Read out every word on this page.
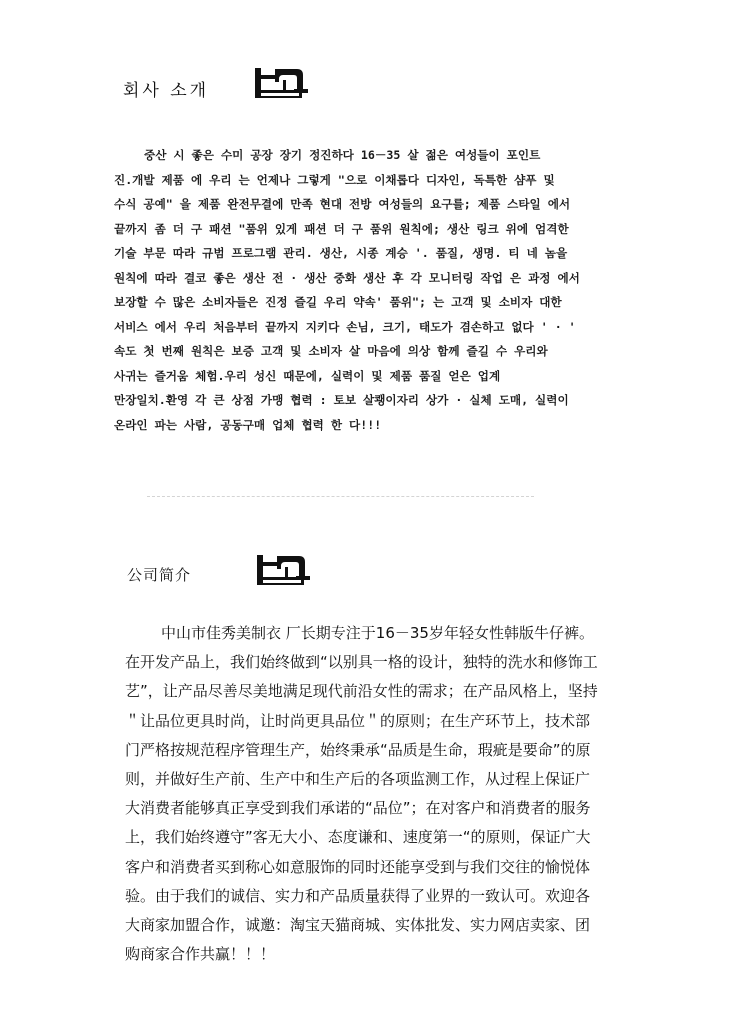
회사 소개
중산 시 좋은 수미 공장 장기 정진하다 16－35 살 젊은 여성들이 포인트
진.개발 제품 에 우리 는 언제나 그렇게 "으로 이채롭다 디자인, 독특한 샴푸 및
수식 공예" 을 제품 완전무결에 만족 현대 전방 여성들의 요구를; 제품 스타일 에서
끝까지 좀 더 구 패션 "품위 있게 패션 더 구 품위 원칙에; 생산 링크 위에 엄격한
기술 부문 따라 규범 프로그램 관리. 생산, 시종 계승 '. 품질, 생명. 티 네 놈을
원칙에 따라 결코 좋은 생산 전 · 생산 중화 생산 후 각 모니터링 작업 은 과정 에서
보장할 수 많은 소비자들은 진정 즐길 우리 약속' 품위"; 는 고객 및 소비자 대한
서비스 에서 우리 처음부터 끝까지 지키다 손님, 크기, 태도가 겸손하고 없다 ' · '
속도 첫 번째 원칙은 보증 고객 및 소비자 살 마음에 의상 함께 즐길 수 우리와
사귀는 즐거움 체험.우리 성신 때문에, 실력이 및 제품 품질 얻은 업계
만장일치.환영 각 큰 상점 가맹 협력 : 토보 살쾡이자리 상가 · 실체 도매, 실력이
온라인 파는 사람, 공동구매 업체 협력 한 다!!!
公司简介
中山市佳秀美制衣 厂长期专注于16－35岁年轻女性韩版牛仔裤。
在开发产品上，我们始终做到“以别具一格的设计，独特的洗水和修饰工
艺”，让产品尽善尽美地满足现代前沿女性的需求；在产品风格上，坚持
＂让品位更具时尚，让时尚更具品位＂的原则；在生产环节上，技术部
门严格按规范程序管理生产，始终秉承“品质是生命，瑕疵是要命”的原
则，并做好生产前、生产中和生产后的各项监测工作，从过程上保证广
大消费者能够真正享受到我们承诺的“品位”；在对客户和消费者的服务
上，我们始终遵守”客无大小、态度谦和、速度第一“的原则，保证广大
客户和消费者买到称心如意服饰的同时还能享受到与我们交往的愉悦体
验。由于我们的诚信、实力和产品质量获得了业界的一致认可。欢迎各
大商家加盟合作，诚邀：淘宝天猫商城、实体批发、实力网店卖家、团
购商家合作共赢！！！
